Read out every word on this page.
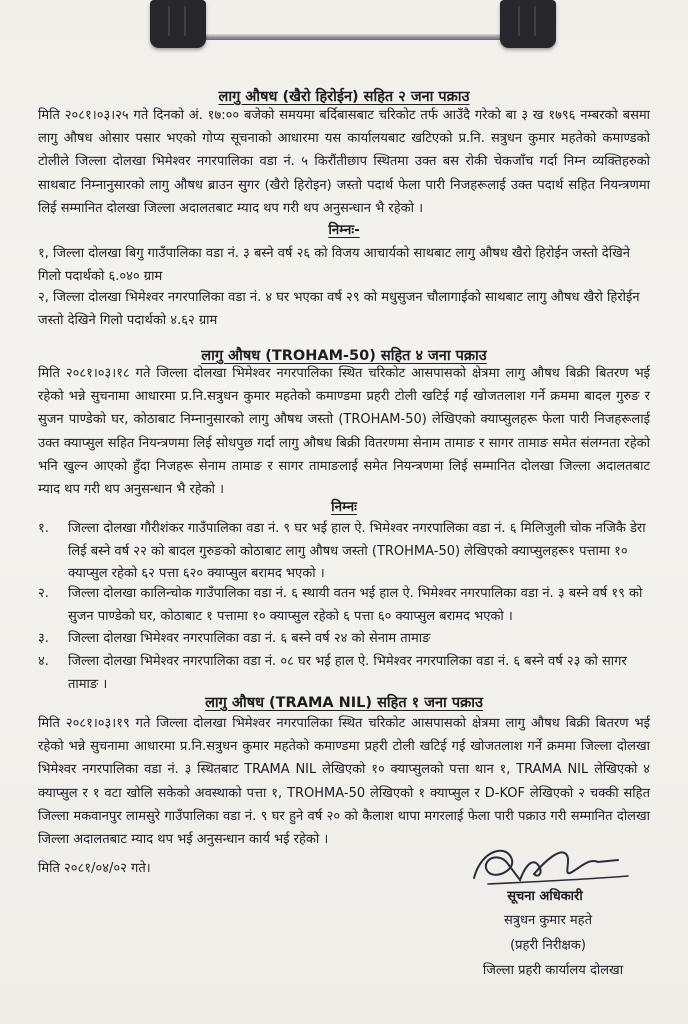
लागु औषध (खैरो हिरोईन) सहित २ जना पक्राउ
मिति २०८१।०३।२५ गते दिनको अं. १७:०० बजेको समयमा बर्दिबासबाट चरिकोट तर्फ आउँदै गरेको बा ३ ख १७९६ नम्बरको बसमा लागु औषध ओसार पसार भएको गोप्य सूचनाको आधारमा यस कार्यालयबाट खटिएको प्र.नि. सत्रुधन कुमार महतेको कमाण्डको टोलीले जिल्ला दोलखा भिमेश्वर नगरपालिका वडा नं. ५ किरौंतीछाप स्थितमा उक्त बस रोकी चेकजाँच गर्दा निम्न व्यक्तिहरुको साथबाट निम्नानुसारको लागु औषध ब्राउन सुगर (खैरो हिरोइन) जस्तो पदार्थ फेला पारी निजहरूलाई उक्त पदार्थ सहित नियन्त्रणमा लिई सम्मानित दोलखा जिल्ला अदालतबाट म्याद थप गरी थप अनुसन्धान भै रहेको ।
निम्नः-
१, जिल्ला दोलखा बिगु गाउँपालिका वडा नं. ३ बस्ने वर्ष २६ को विजय आचार्यको साथबाट लागु औषध खैरो हिरोईन जस्तो देखिने गिलो पदार्थको ६.०४० ग्राम
२, जिल्ला दोलखा भिमेश्वर नगरपालिका वडा नं. ४ घर भएका वर्ष २९ को मधुसुजन चौलागाईको साथबाट लागु औषध खैरो हिरोईन जस्तो देखिने गिलो पदार्थको ४.६२ ग्राम
लागु औषध (TROHAM-50) सहित ४ जना पक्राउ
मिति २०८१।०३।१८ गते जिल्ला दोलखा भिमेश्वर नगरपालिका स्थित चरिकोट आसपासको क्षेत्रमा लागु औषध बिक्री बितरण भई रहेको भन्ने सुचनामा आधारमा प्र.नि.सत्रुधन कुमार महतेको कमाण्डमा प्रहरी टोली खटिई गई खोजतलाश गर्ने क्रममा बादल गुरुङ र सुजन पाण्डेको घर, कोठाबाट निम्नानुसारको लागु औषध जस्तो (TROHAM-50) लेखिएको क्याप्सुलहरू फेला पारी निजहरूलाई उक्त क्याप्सुल सहित नियन्त्रणमा लिई सोधपुछ गर्दा लागु औषध बिक्री वितरणमा सेनाम तामाङ र सागर तामाङ समेत संलग्नता रहेको भनि खुल्न आएको हुँदा निजहरू सेनाम तामाङ र सागर तामाङलाई समेत नियन्त्रणमा लिई सम्मानित दोलखा जिल्ला अदालतबाट म्याद थप गरी थप अनुसन्धान भै रहेको ।
निम्नः
१. जिल्ला दोलखा गौरीशंकर गाउँपालिका वडा नं. ९ घर भई हाल ऐ. भिमेश्वर नगरपालिका वडा नं. ६ मिलिजुली चोक नजिकै डेरा लिई बस्ने वर्ष २२ को बादल गुरुङको कोठाबाट लागु औषध जस्तो (TROHMA-50) लेखिएको क्याप्सुलहरू१ पत्तामा १० क्याप्सुल रहेको ६२ पत्ता ६२० क्याप्सुल बरामद भएको ।
२. जिल्ला दोलखा कालिन्चोक गाउँपालिका वडा नं. ६ स्थायी वतन भई हाल ऐ. भिमेश्वर नगरपालिका वडा नं. ३ बस्ने वर्ष १९ को सुजन पाण्डेको घर, कोठाबाट १ पत्तामा १० क्याप्सुल रहेको ६ पत्ता ६० क्याप्सुल बरामद भएको ।
३. जिल्ला दोलखा भिमेश्वर नगरपालिका वडा नं. ६ बस्ने वर्ष २४ को सेनाम तामाङ
४. जिल्ला दोलखा भिमेश्वर नगरपालिका वडा नं. ०८ घर भई हाल ऐ. भिमेश्वर नगरपालिका वडा नं. ६ बस्ने वर्ष २३ को सागर तामाङ ।
लागु औषध (TRAMA NIL) सहित १ जना पक्राउ
मिति २०८१।०३।१९ गते जिल्ला दोलखा भिमेश्वर नगरपालिका स्थित चरिकोट आसपासको क्षेत्रमा लागु औषध बिक्री बितरण भई रहेको भन्ने सुचनामा आधारमा प्र.नि.सत्रुधन कुमार महतेको कमाण्डमा प्रहरी टोली खटिई गई खोजतलाश गर्ने क्रममा जिल्ला दोलखा भिमेश्वर नगरपालिका वडा नं. ३ स्थितबाट TRAMA NIL लेखिएको १० क्याप्सुलको पत्ता थान १, TRAMA NIL लेखिएको ४ क्याप्सुल र १ वटा खोलि सकेको अवस्थाको पत्ता १, TROHMA-50 लेखिएको १ क्याप्सुल र D-KOF लेखिएको २ चक्की सहित जिल्ला मकवानपुर लामसुरे गाउँपालिका वडा नं. ९ घर हुने वर्ष २० को कैलाश थापा मगरलाई फेला पारी पक्राउ गरी सम्मानित दोलखा जिल्ला अदालतबाट म्याद थप भई अनुसन्धान कार्य भई रहेको ।
मिति २०८१/०४/०२ गते।
सूचना अधिकारी
सत्रुधन कुमार महते
(प्रहरी निरीक्षक)
जिल्ला प्रहरी कार्यालय दोलखा
